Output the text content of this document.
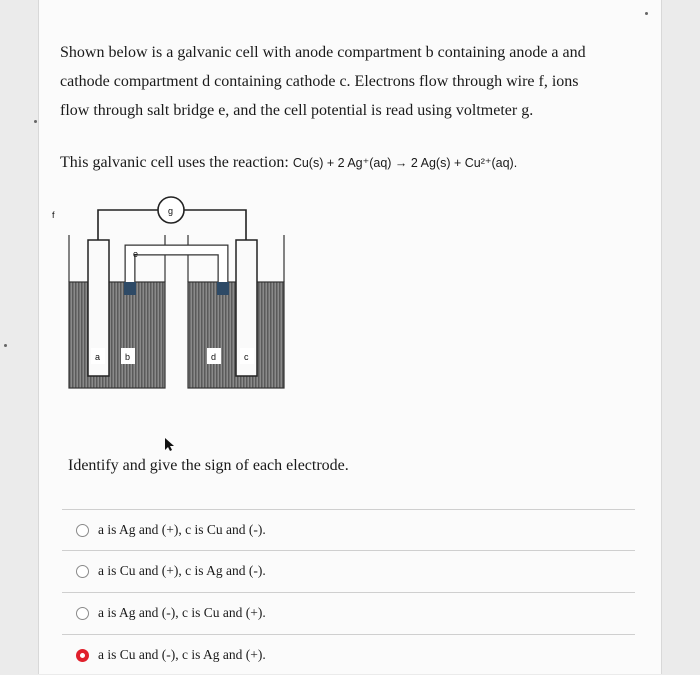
Shown below is a galvanic cell with anode compartment b containing anode a and
cathode compartment d containing cathode c. Electrons flow through wire f, ions
flow through salt bridge e, and the cell potential is read using voltmeter g.
This galvanic cell uses the reaction: Cu(s) + 2 Ag⁺(aq) → 2 Ag(s) + Cu²⁺(aq).
f	g
e
a	b	d	c

Identify and give the sign of each electrode.

a is Ag and (+), c is Cu and (-).
a is Cu and (+), c is Ag and (-).
a is Ag and (-), c is Cu and (+).
a is Cu and (-), c is Ag and (+).
